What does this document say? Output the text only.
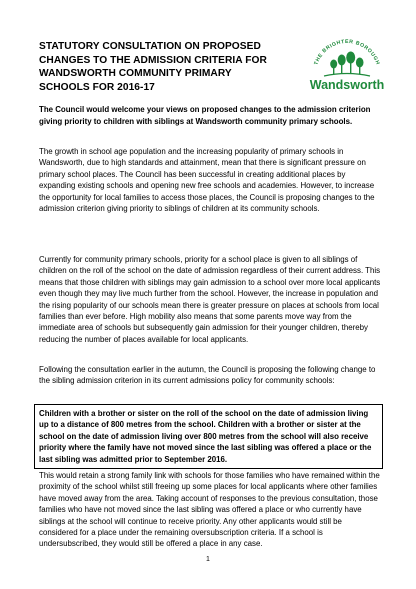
STATUTORY CONSULTATION ON PROPOSED CHANGES TO THE ADMISSION CRITERIA FOR WANDSWORTH COMMUNITY PRIMARY SCHOOLS FOR 2016-17
THE BRIGHTER BOROUGH
Wandsworth

The Council would welcome your views on proposed changes to the admission criterion giving priority to children with siblings at Wandsworth community primary schools.

The growth in school age population and the increasing popularity of primary schools in Wandsworth, due to high standards and attainment, mean that there is significant pressure on primary school places. The Council has been successful in creating additional places by expanding existing schools and opening new free schools and academies. However, to increase the opportunity for local families to access those places, the Council is proposing changes to the admission criterion giving priority to siblings of children at its community schools.

Currently for community primary schools, priority for a school place is given to all siblings of children on the roll of the school on the date of admission regardless of their current address. This means that those children with siblings may gain admission to a school over more local applicants even though they may live much further from the school. However, the increase in population and the rising popularity of our schools mean there is greater pressure on places at schools from local families than ever before. High mobility also means that some parents move way from the immediate area of schools but subsequently gain admission for their younger children, thereby reducing the number of places available for local applicants.

Following the consultation earlier in the autumn, the Council is proposing the following change to the sibling admission criterion in its current admissions policy for community schools:

Children with a brother or sister on the roll of the school on the date of admission living up to a distance of 800 metres from the school. Children with a brother or sister at the school on the date of admission living over 800 metres from the school will also receive priority where the family have not moved since the last sibling was offered a place or the last sibling was admitted prior to September 2016.

This would retain a strong family link with schools for those families who have remained within the proximity of the school whilst still freeing up some places for local applicants where other families have moved away from the area. Taking account of responses to the previous consultation, those families who have not moved since the last sibling was offered a place or who currently have siblings at the school will continue to receive priority. Any other applicants would still be considered for a place under the remaining oversubscription criteria. If a school is undersubscribed, they would still be offered a place in any case.

1
